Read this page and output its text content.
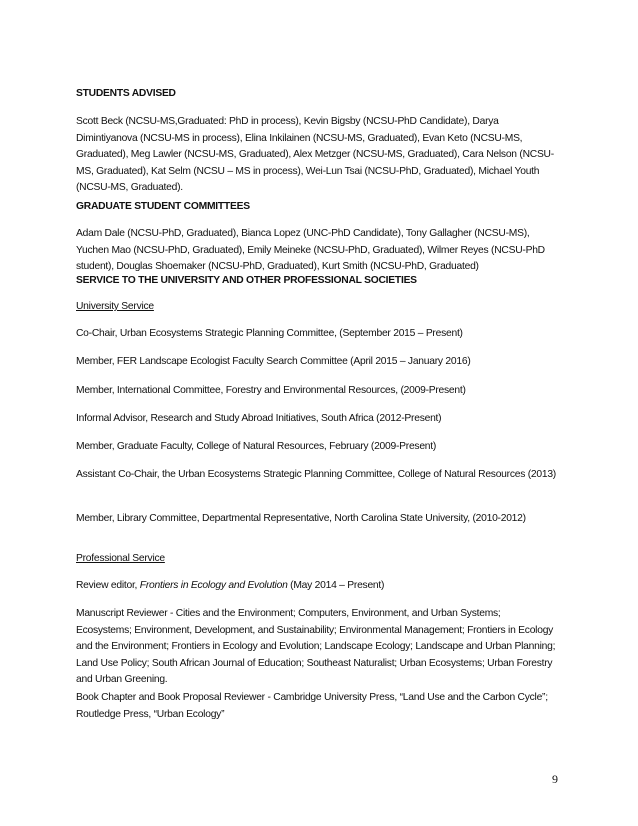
STUDENTS ADVISED
Scott Beck (NCSU-MS,Graduated: PhD in process), Kevin Bigsby (NCSU-PhD Candidate), Darya Dimintiyanova (NCSU-MS in process), Elina Inkilainen (NCSU-MS, Graduated), Evan Keto (NCSU-MS, Graduated), Meg Lawler (NCSU-MS, Graduated), Alex Metzger (NCSU-MS, Graduated), Cara Nelson (NCSU-MS, Graduated), Kat Selm (NCSU – MS in process), Wei-Lun Tsai (NCSU-PhD, Graduated), Michael Youth (NCSU-MS, Graduated).
GRADUATE STUDENT COMMITTEES
Adam Dale (NCSU-PhD, Graduated), Bianca Lopez (UNC-PhD Candidate), Tony Gallagher (NCSU-MS), Yuchen Mao (NCSU-PhD, Graduated), Emily Meineke (NCSU-PhD, Graduated), Wilmer Reyes (NCSU-PhD student), Douglas Shoemaker (NCSU-PhD, Graduated), Kurt Smith (NCSU-PhD, Graduated)
SERVICE TO THE UNIVERSITY AND OTHER PROFESSIONAL SOCIETIES
University Service
Co-Chair, Urban Ecosystems Strategic Planning Committee, (September 2015 – Present)
Member, FER Landscape Ecologist Faculty Search Committee (April 2015 – January 2016)
Member, International Committee, Forestry and Environmental Resources, (2009-Present)
Informal Advisor, Research and Study Abroad Initiatives, South Africa (2012-Present)
Member, Graduate Faculty, College of Natural Resources, February (2009-Present)
Assistant Co-Chair, the Urban Ecosystems Strategic Planning Committee, College of Natural Resources (2013)
Member, Library Committee, Departmental Representative, North Carolina State University, (2010-2012)
Professional Service
Review editor, Frontiers in Ecology and Evolution (May 2014 – Present)
Manuscript Reviewer - Cities and the Environment; Computers, Environment, and Urban Systems; Ecosystems; Environment, Development, and Sustainability; Environmental Management; Frontiers in Ecology and the Environment; Frontiers in Ecology and Evolution; Landscape Ecology; Landscape and Urban Planning; Land Use Policy; South African Journal of Education; Southeast Naturalist; Urban Ecosystems; Urban Forestry and Urban Greening.
Book Chapter and Book Proposal Reviewer - Cambridge University Press, “Land Use and the Carbon Cycle”; Routledge Press, “Urban Ecology”
9
